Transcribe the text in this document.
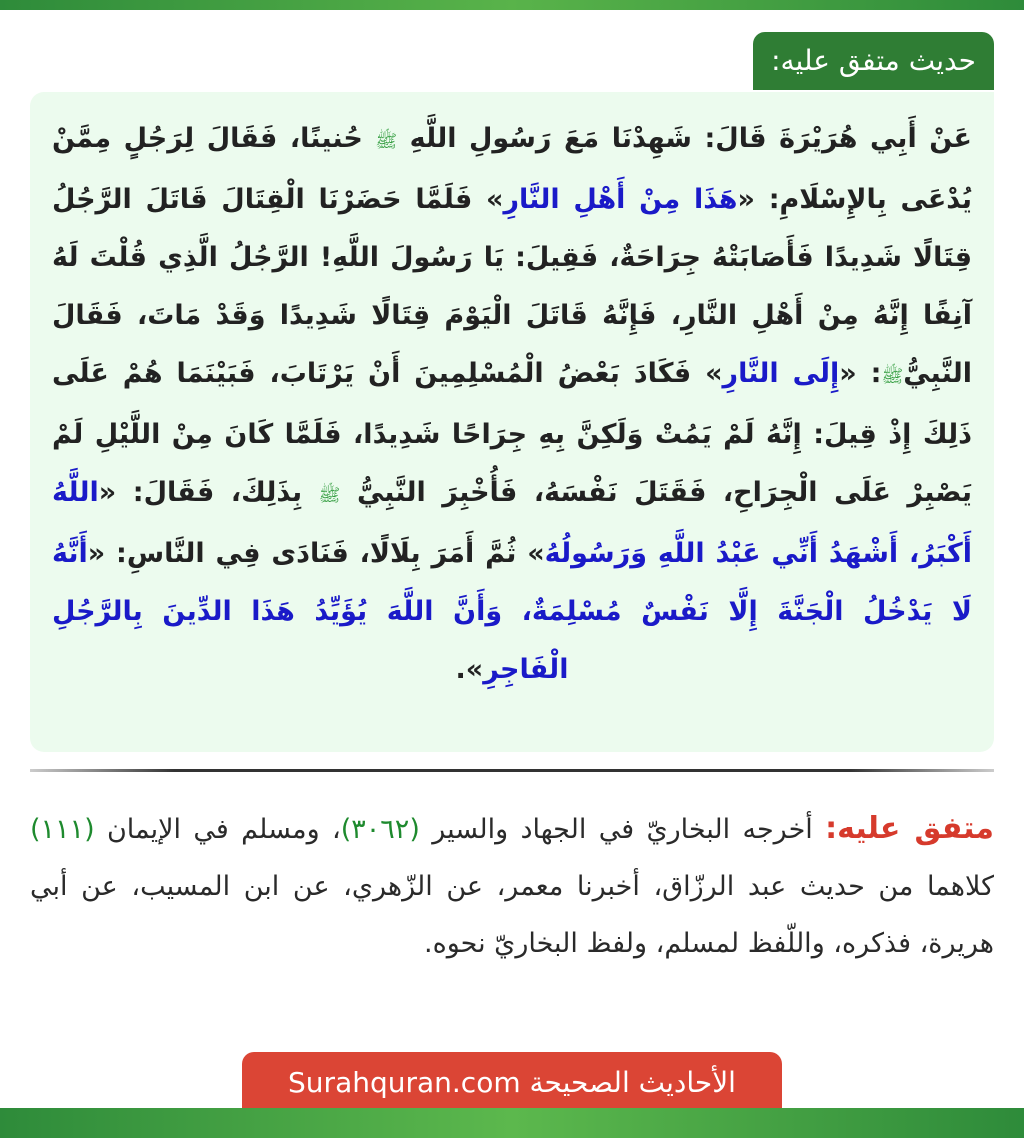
حديث متفق عليه:

عَنْ أَبِي هُرَيْرَةَ قَالَ: شَهِدْنَا مَعَ رَسُولِ اللَّهِ ﷺ حُنينًا، فَقَالَ لِرَجُلٍ مِمَّنْ يُدْعَى بِالإِسْلَامِ: «هَذَا مِنْ أَهْلِ النَّارِ» فَلَمَّا حَضَرْنَا الْقِتَالَ قَاتَلَ الرَّجُلُ قِتَالًا شَدِيدًا فَأَصَابَتْهُ جِرَاحَةٌ، فَقِيلَ: يَا رَسُولَ اللَّهِ! الرَّجُلُ الَّذِي قُلْتَ لَهُ آنِفًا إِنَّهُ مِنْ أَهْلِ النَّارِ، فَإِنَّهُ قَاتَلَ الْيَوْمَ قِتَالًا شَدِيدًا وَقَدْ مَاتَ، فَقَالَ النَّبِيُّﷺ: «إِلَى النَّارِ» فَكَادَ بَعْضُ الْمُسْلِمِينَ أَنْ يَرْتَابَ، فَبَيْنَمَا هُمْ عَلَى ذَلِكَ إِذْ قِيلَ: إِنَّهُ لَمْ يَمُتْ وَلَكِنَّ بِهِ جِرَاحًا شَدِيدًا، فَلَمَّا كَانَ مِنْ اللَّيْلِ لَمْ يَصْبِرْ عَلَى الْجِرَاحِ، فَقَتَلَ نَفْسَهُ، فَأُخْبِرَ النَّبِيُّ ﷺ بِذَلِكَ، فَقَالَ: «اللَّهُ أَكْبَرُ، أَشْهَدُ أَنِّي عَبْدُ اللَّهِ وَرَسُولُهُ» ثُمَّ أَمَرَ بِلَالًا، فَنَادَى فِي النَّاسِ: «أَنَّهُ لَا يَدْخُلُ الْجَنَّةَ إِلَّا نَفْسٌ مُسْلِمَةٌ، وَأَنَّ اللَّهَ يُؤَيِّدُ هَذَا الدِّينَ بِالرَّجُلِ الْفَاجِرِ».

متفق عليه: أخرجه البخاريّ في الجهاد والسير (٣٠٦٢)، ومسلم في الإيمان (١١١) كلاهما من حديث عبد الرزّاق، أخبرنا معمر، عن الزّهري، عن ابن المسيب، عن أبي هريرة، فذكره، واللّفظ لمسلم، ولفظ البخاريّ نحوه.

Surahquran.com الأحاديث الصحيحة
